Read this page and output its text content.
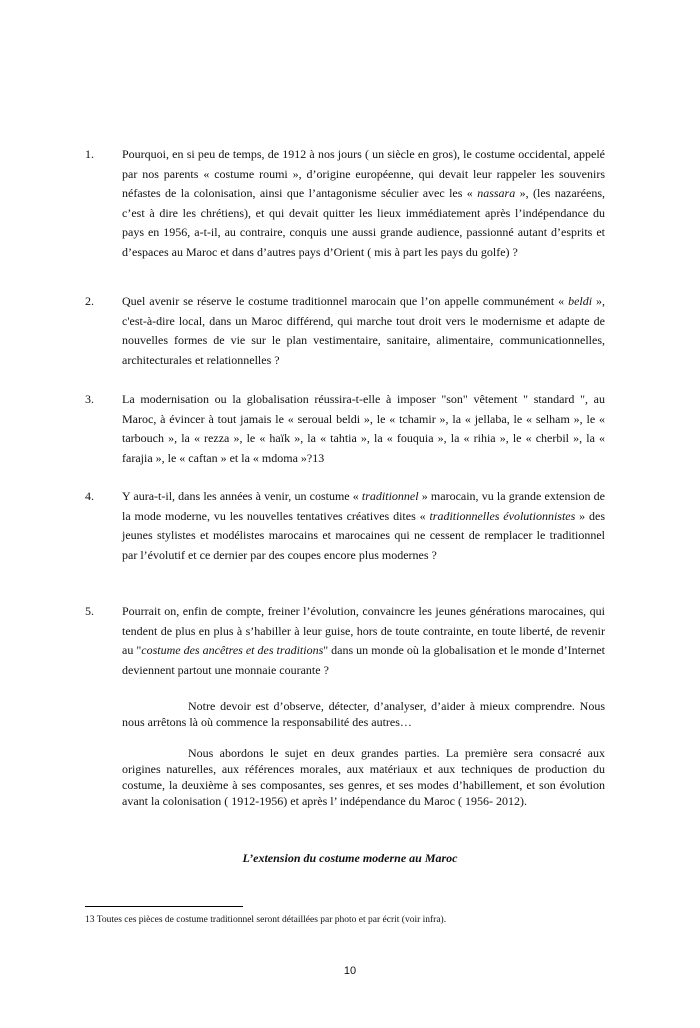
1. Pourquoi, en si peu de temps, de 1912 à nos jours ( un siècle en gros), le costume occidental, appelé par nos parents « costume roumi », d’origine européenne, qui devait leur rappeler les souvenirs néfastes de la colonisation, ainsi que l’antagonisme séculier avec les « nassara », (les nazaréens, c’est à dire les chrétiens), et qui devait quitter les lieux immédiatement après l’indépendance du pays en 1956, a-t-il, au contraire, conquis une aussi grande audience, passionné autant d’esprits et d’espaces au Maroc et dans d’autres pays d’Orient ( mis à part les pays du golfe) ?
2. Quel avenir se réserve le costume traditionnel marocain que l’on appelle communément « beldi », c'est-à-dire local, dans un Maroc différend, qui marche tout droit vers le modernisme et adapte de nouvelles formes de vie sur le plan vestimentaire, sanitaire, alimentaire, communicationnelles, architecturales et relationnelles ?
3. La modernisation ou la globalisation réussira-t-elle à imposer "son" vêtement " standard ", au Maroc, à évincer à tout jamais le « seroual beldi », le « tchamir », la « jellaba, le « selham », le « tarbouch », la « rezza », le « haïk », la « tahtia », la « fouquia », la « rihia », le « cherbil », la « farajia », le « caftan » et la « mdoma »?13
4. Y aura-t-il, dans les années à venir, un costume « traditionnel » marocain, vu la grande extension de la mode moderne, vu les nouvelles tentatives créatives dites « traditionnelles évolutionnistes » des jeunes stylistes et modélistes marocains et marocaines qui ne cessent de remplacer le traditionnel par l’évolutif et ce dernier par des coupes encore plus modernes ?
5. Pourrait on, enfin de compte, freiner l’évolution, convaincre les jeunes générations marocaines, qui tendent de plus en plus à s’habiller à leur guise, hors de toute contrainte, en toute liberté, de revenir au "costume des ancêtres et des traditions" dans un monde où la globalisation et le monde d’Internet deviennent partout une monnaie courante ?
Notre devoir est d’observe, détecter, d’analyser, d’aider à mieux comprendre. Nous nous arrêtons là où commence la responsabilité des autres…
Nous abordons le sujet en deux grandes parties. La première sera consacré aux origines naturelles, aux références morales, aux matériaux et aux techniques de production du costume, la deuxième à ses composantes, ses genres, et ses modes d’habillement, et son évolution avant la colonisation ( 1912-1956) et après l’ indépendance du Maroc ( 1956- 2012).
L’extension du costume moderne au Maroc
13 Toutes ces pièces de costume traditionnel seront détaillées par photo et par écrit (voir infra).
10
